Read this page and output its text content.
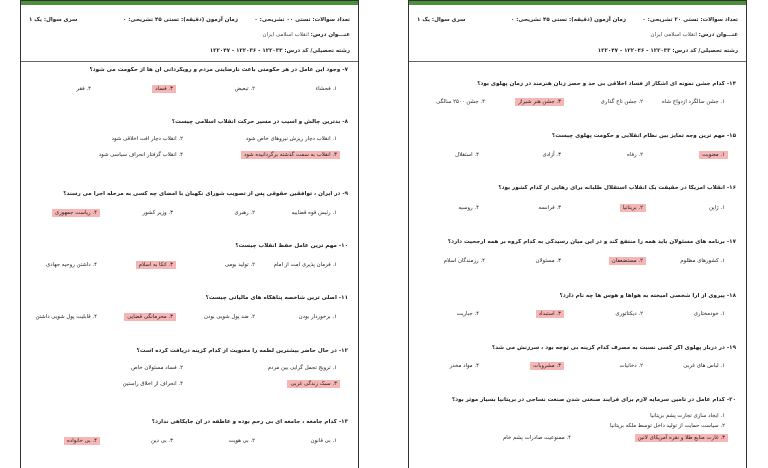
تعداد سوالات: تستی ۰۰ تشریحی: ۰
زمان آزمون (دقیقه): تستی ۴۵ تشریحی: ۰
سری سوال: یک ۱
عنـــوان درس: انقلاب اسلامی ایران
رشته تحصیلی/ کد درس: ۱۲۲۰۳۳ - ۱۲۲۰۳۶ - ۱۲۲۰۴۷
۷- وجود این عامل در هر حکومتی باعث نارضایتی مردم و رویگردانی آن ها از حکومت می شود؟
۱. فحشاء
۲. تبعیض
۳. فساد
۴. فقر
۸- بدترین چالش و آسیب در مسیر حرکت انقلاب اسلامی چیست؟
۱. انقلاب دچار ریزش نیروهای خاص شود
۲. انقلاب دچار افت اخلاقی شود
۳. انقلاب به سمت گذشته برگردانیده شود
۴. انقلاب گرفتار انحراف سیاسی شود
۹- در ایران ، توافقین حقوقی پس از تصویب شورای نگهبان با امضای چه کسی به مرحله اجرا می رسند؟
۱. رئیس قوه قضاییه
۲. رهبری
۳. وزیر کشور
۴. ریاست جمهوری
۱۰- مهم ترین عامل حفظ انقلاب چیست؟
۱. فرمان پذیری امت از امام
۲. تولید بومی
۳. اتکا به اسلام
۴. داشتن روحیه جهادی
۱۱- اصلی ترین شاخصه پناهگاه های مالیاتی چیست؟
۱. برخوردار بودن
۲. ضد پول شویی بودن
۳. محرمانگی قضایی
۴. قابلیت پول شویی داشتن
۱۲- در حال حاضر بیشترین لطمه را معنویت از کدام گزینه دریافت کرده است؟
۱. ترویج تجمل گرایی بین مردم
۲. فساد مسئولان خاص
۳. سبک زندگی غربی
۴. انحراف از اخلاق راستین
۱۳- کدام جامعه ، جامعه ای بی رحم بوده و عاطفه در آن جایگاهی ندارد؟
۱. بی قانون
۲. بی هویت
۳. بی دین
۴. بی خانواده
تعداد سوالات: تستی ۲۰ تشریحی: ۰
زمان آزمون (دقیقه): تستی ۴۵ تشریحی: ۰
سری سوال: یک ۱
عنـــوان درس: انقلاب اسلامی ایران
رشته تحصیلی/ کد درس: ۱۲۲۰۳۳ - ۱۲۲۰۴۶ - ۱۲۲۰۴۷
۱۴- کدام جشن نمونه ای آشکار از فساد اخلاقی بی حد و حصر زنان هنرمند در زمان پهلوی بود؟
۱. جشن سالگرد ازدواج شاه
۲. جشن تاج گذاری
۳. جشن هنر شیراز
۴. جشن ۲۵۰۰ سالگی
۱۵- مهم ترین وجه تمایز بین نظام انقلابی و حکومت پهلوی چیست؟
۱. معنویت
۲. رفاه
۳. آزادی
۴. استقلال
۱۶- انقلاب آمریکا در حقیقت یک انقلاب استقلال طلبانه برای رهایی از کدام کشور بود؟
۱. ژاپن
۲. بریتانیا
۳. فرانسه
۴. روسیه
۱۷- برنامه های مسئولان باید همه را منتفع کند و در این میان رسیدگی به کدام گروه بر همه ارجحیت دارد؟
۱. کشورهای مظلوم
۲. مستضعفان
۳. مسئولان
۴. رزمندگان اسلام
۱۸- پیروی از آرا شخصی آمیخته به هواها و هوس ها چه نام دارد؟
۱. خودمختاری
۲. دیکتاتوری
۳. استبداد
۴. جباریت
۱۹- در دربار پهلوی اگر کسی نسبت به مصرف کدام گزینه بی توجه بود ، سرزنش می شد؟
۱. لباس های غربی
۲. دخانیات
۳. مشروبات
۴. مواد مخدر
۲۰- کدام عامل در تامین سرمایه لازم برای فرایند صنعتی شدن صنعت نساجی در بریتانیا بسیار موثر بود؟
۱. ایجاد سازی تجارت پشم بریتانیا
۲. سیاست حمایت از تولید داخل توسط ملکه بریتانیا
۳. غارت منابع طلا و نقره آمریکای لاتین
۴. ممنوعیت صادرات پشم خام
